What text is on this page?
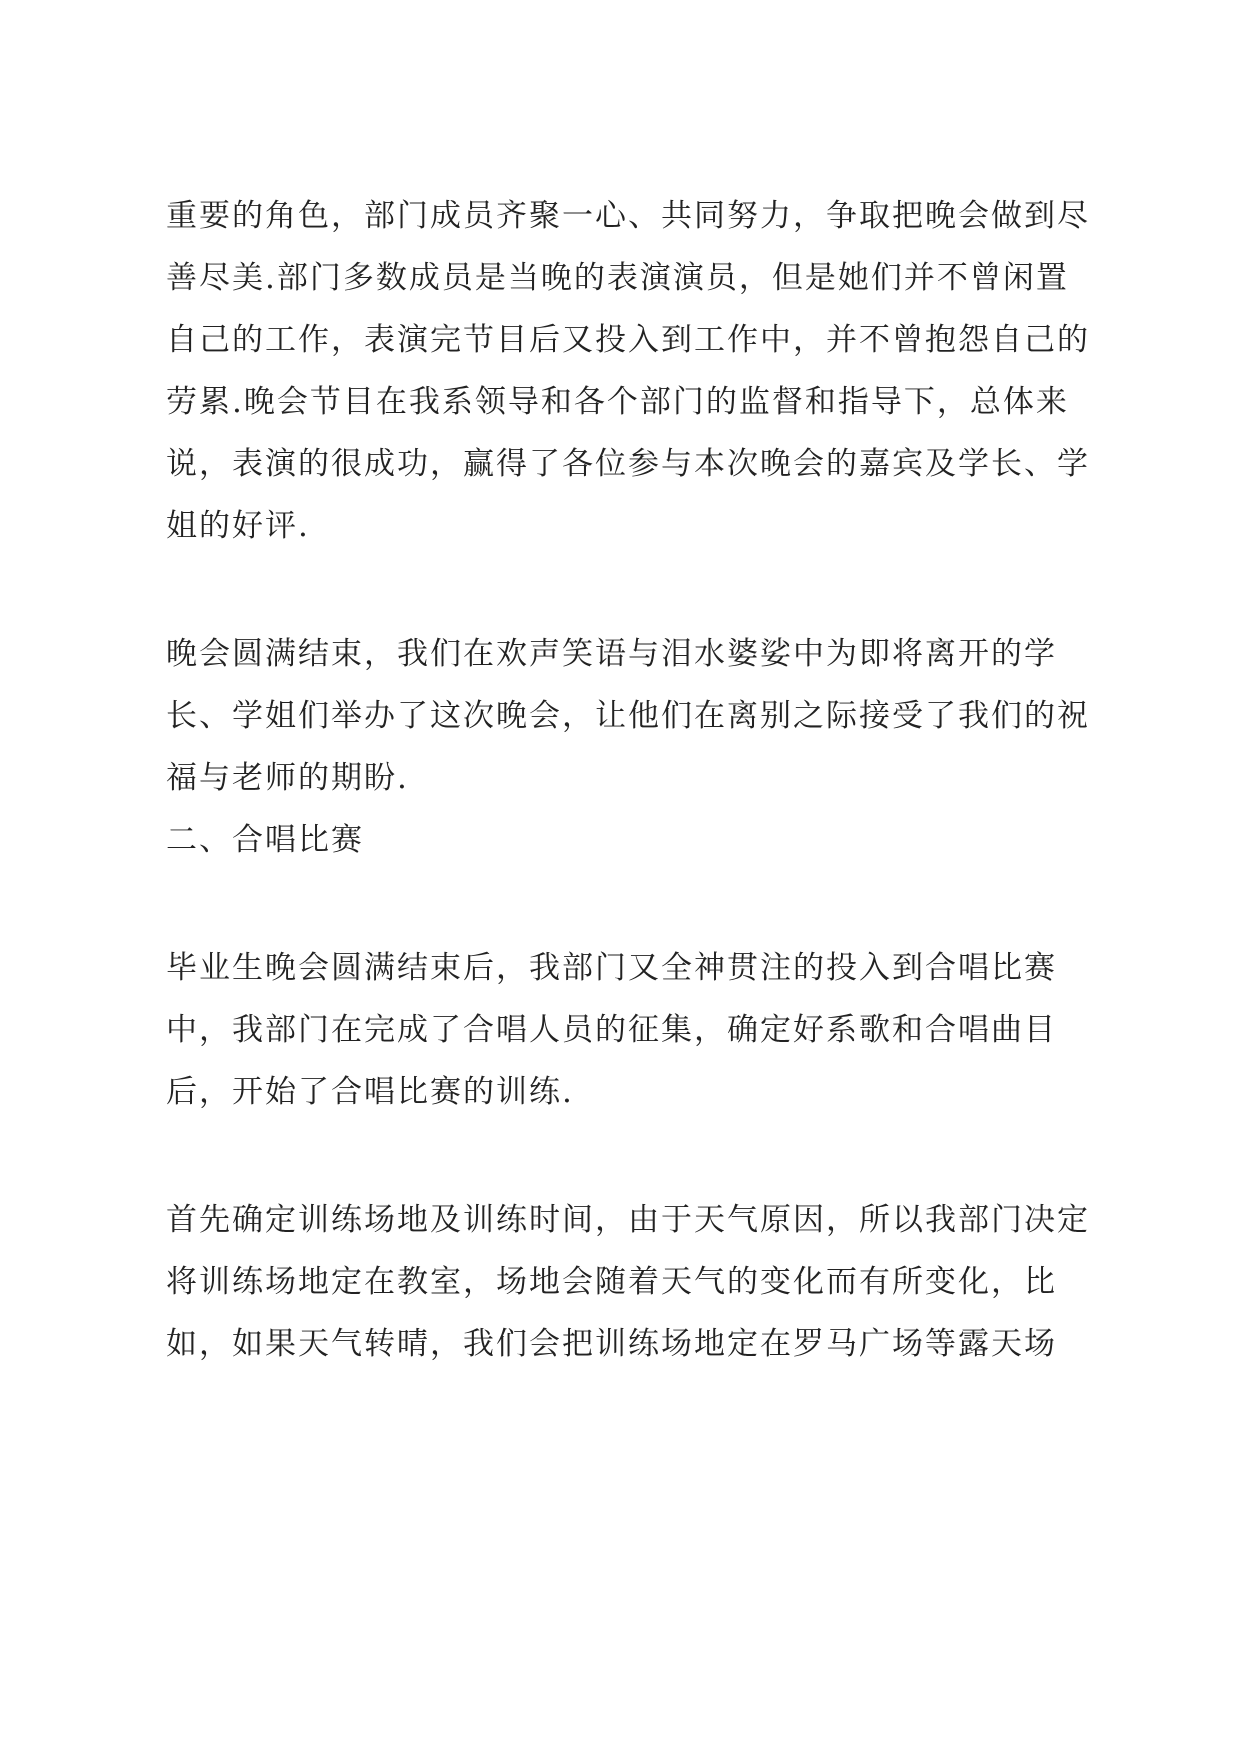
重要的角色，部门成员齐聚一心、共同努力，争取把晚会做到尽
善尽美.部门多数成员是当晚的表演演员，但是她们并不曾闲置
自己的工作，表演完节目后又投入到工作中，并不曾抱怨自己的
劳累.晚会节目在我系领导和各个部门的监督和指导下，总体来
说，表演的很成功，赢得了各位参与本次晚会的嘉宾及学长、学
姐的好评.
晚会圆满结束，我们在欢声笑语与泪水婆娑中为即将离开的学
长、学姐们举办了这次晚会，让他们在离别之际接受了我们的祝
福与老师的期盼.
二、合唱比赛
毕业生晚会圆满结束后，我部门又全神贯注的投入到合唱比赛
中，我部门在完成了合唱人员的征集，确定好系歌和合唱曲目
后，开始了合唱比赛的训练.
首先确定训练场地及训练时间，由于天气原因，所以我部门决定
将训练场地定在教室，场地会随着天气的变化而有所变化，比
如，如果天气转晴，我们会把训练场地定在罗马广场等露天场
